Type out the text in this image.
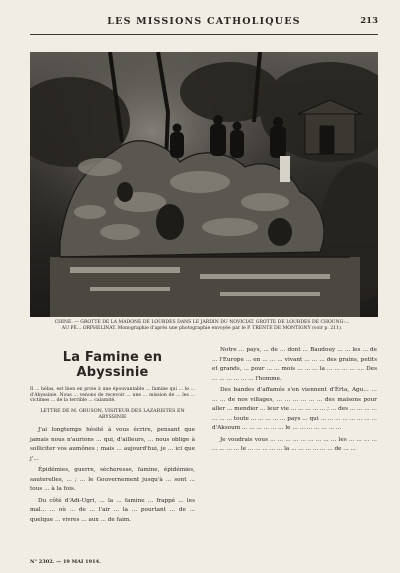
LES MISSIONS CATHOLIQUES	213
CHINE. — GROTTE DE LA MADONE DE LOURDES DANS LE JARDIN DU NOVICIAT. GROTTE DE LOURDES DE CHOUNG-... AU PÈ... ORPHELINAT. Monographie d'après une photographie envoyée par le P. TRENTE DE MONTIGNY (voir p. 211).
La Famine en Abyssinie

Il ... hélas, est bien en proie à une épouvantable ... famine qui ... le ... d'Abyssinie. Nous ... venons de recevoir ... une ... mission de ... les ... victimes ... de la terrible ... calamité.

LETTRE DE M. GRUSON, VISITEUR DES LAZARISTES EN ABYSSINIE

J'ai longtemps hésité à vous écrire, pensant que jamais nous n'aurions ... qui, d'ailleurs, ... nous oblige à solliciter vos aumônes ; mais ... aujourd'hui, je ... ici que j'...

Épidémies, guerre, sécheresse, famine, épidémies, sauterelles, ... ; ... le Gouvernement jusqu'à ... sont ... tous ... à la fois.

Du côté d'Adi-Ugri, ... la ... famine ... frappé ... les mal... ... où ... de ... l'air ... la ... pourtant ... de ... quelque ... vivres ... aux ... de faim.

Notre ... pays, ... de ... dont ... Baudouy ... ... les ... de ... l'Europe ... en ... ... ... vivant ... ... ... des grains, petits et grands, ... pour ... ... mois ... ... ... la ... ... ... ... .... Des ... ... ... ... ... ... l'homme.

Des bandes d'affamés s'en viennent d'Érta, Agu... ... ... ... de nos villages, ... ... ... ... ... ... des maisons pour aller ... mendier ... leur vie ... ... ... ... ... ; ... des ... ... ... ... ... ... ... toute ... ... ... ... ... pays ... qui ... ... ... ... ... ... ... ... d'Aksoum ... ... ... ... ... ... le ... ... ... ... ... ... ...

Je voudrais vous ... ... ... ... ... ... ... ... ... les ... ... ... ... ... ... ... ... le ... ... ... ... ... la ... ... ... ... ... ... de ... ...

N° 2302. — 19 MAI 1914.
